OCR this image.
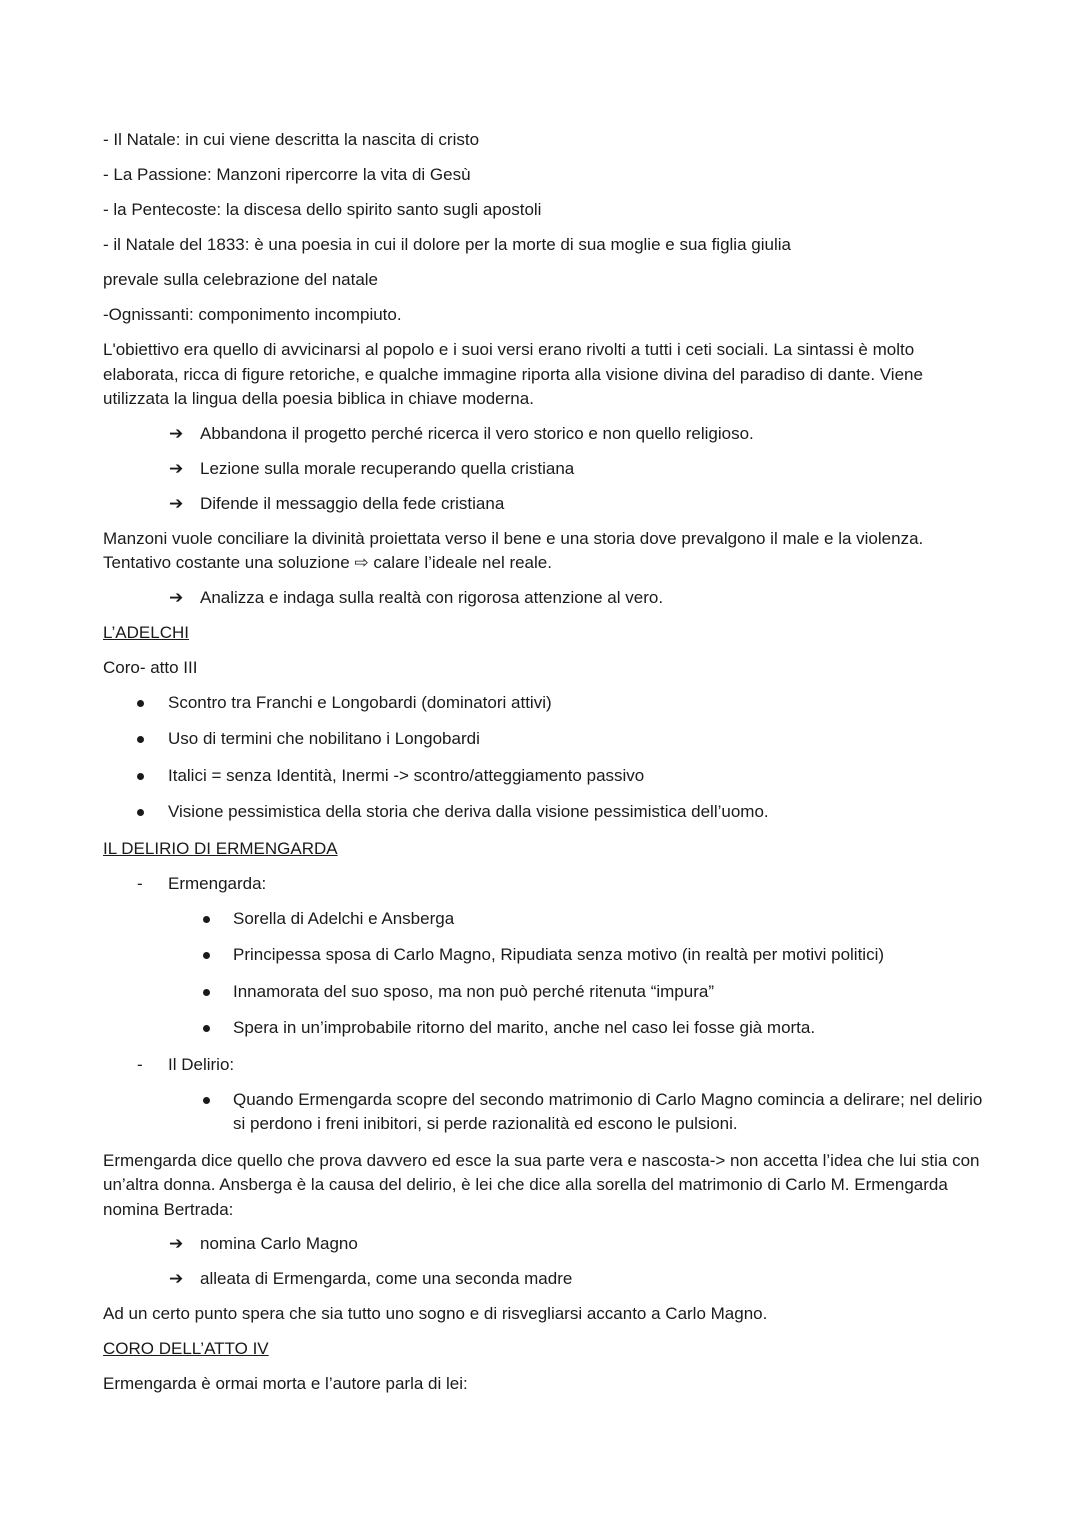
- Il Natale: in cui viene descritta la nascita di cristo

- La Passione: Manzoni ripercorre la vita di Gesù

- la Pentecoste: la discesa dello spirito santo sugli apostoli

- il Natale del 1833: è una poesia in cui il dolore per la morte di sua moglie e sua figlia giulia

prevale sulla celebrazione del natale

-Ognissanti: componimento incompiuto.

L'obiettivo era quello di avvicinarsi al popolo e i suoi versi erano rivolti a tutti i ceti sociali. La sintassi è molto elaborata, ricca di figure retoriche, e qualche immagine riporta alla visione divina del paradiso di dante. Viene utilizzata la lingua della poesia biblica in chiave moderna.

➔ Abbandona il progetto perché ricerca il vero storico e non quello religioso.

➔ Lezione sulla morale recuperando quella cristiana

➔ Difende il messaggio della fede cristiana

Manzoni vuole conciliare la divinità proiettata verso il bene e una storia dove prevalgono il male e la violenza. Tentativo costante una soluzione ⇨ calare l’ideale nel reale.

➔ Analizza e indaga sulla realtà con rigorosa attenzione al vero.

L’ADELCHI

Coro- atto III

Scontro tra Franchi e Longobardi (dominatori attivi)

Uso di termini che nobilitano i Longobardi

Italici = senza Identità, Inermi -> scontro/atteggiamento passivo

Visione pessimistica della storia che deriva dalla visione pessimistica dell’uomo.

IL DELIRIO DI ERMENGARDA

- Ermengarda:

Sorella di Adelchi e Ansberga

Principessa sposa di Carlo Magno, Ripudiata senza motivo (in realtà per motivi politici)

Innamorata del suo sposo, ma non può perché ritenuta “impura”

Spera in un’improbabile ritorno del marito, anche nel caso lei fosse già morta.

- Il Delirio:

Quando Ermengarda scopre del secondo matrimonio di Carlo Magno comincia a delirare; nel delirio si perdono i freni inibitori, si perde razionalità ed escono le pulsioni.

Ermengarda dice quello che prova davvero ed esce la sua parte vera e nascosta-> non accetta l’idea che lui stia con un’altra donna. Ansberga è la causa del delirio, è lei che dice alla sorella del matrimonio di Carlo M. Ermengarda nomina Bertrada:

➔ nomina Carlo Magno

➔ alleata di Ermengarda, come una seconda madre

Ad un certo punto spera che sia tutto uno sogno e di risvegliarsi accanto a Carlo Magno.

CORO DELL’ATTO IV

Ermengarda è ormai morta e l’autore parla di lei:
